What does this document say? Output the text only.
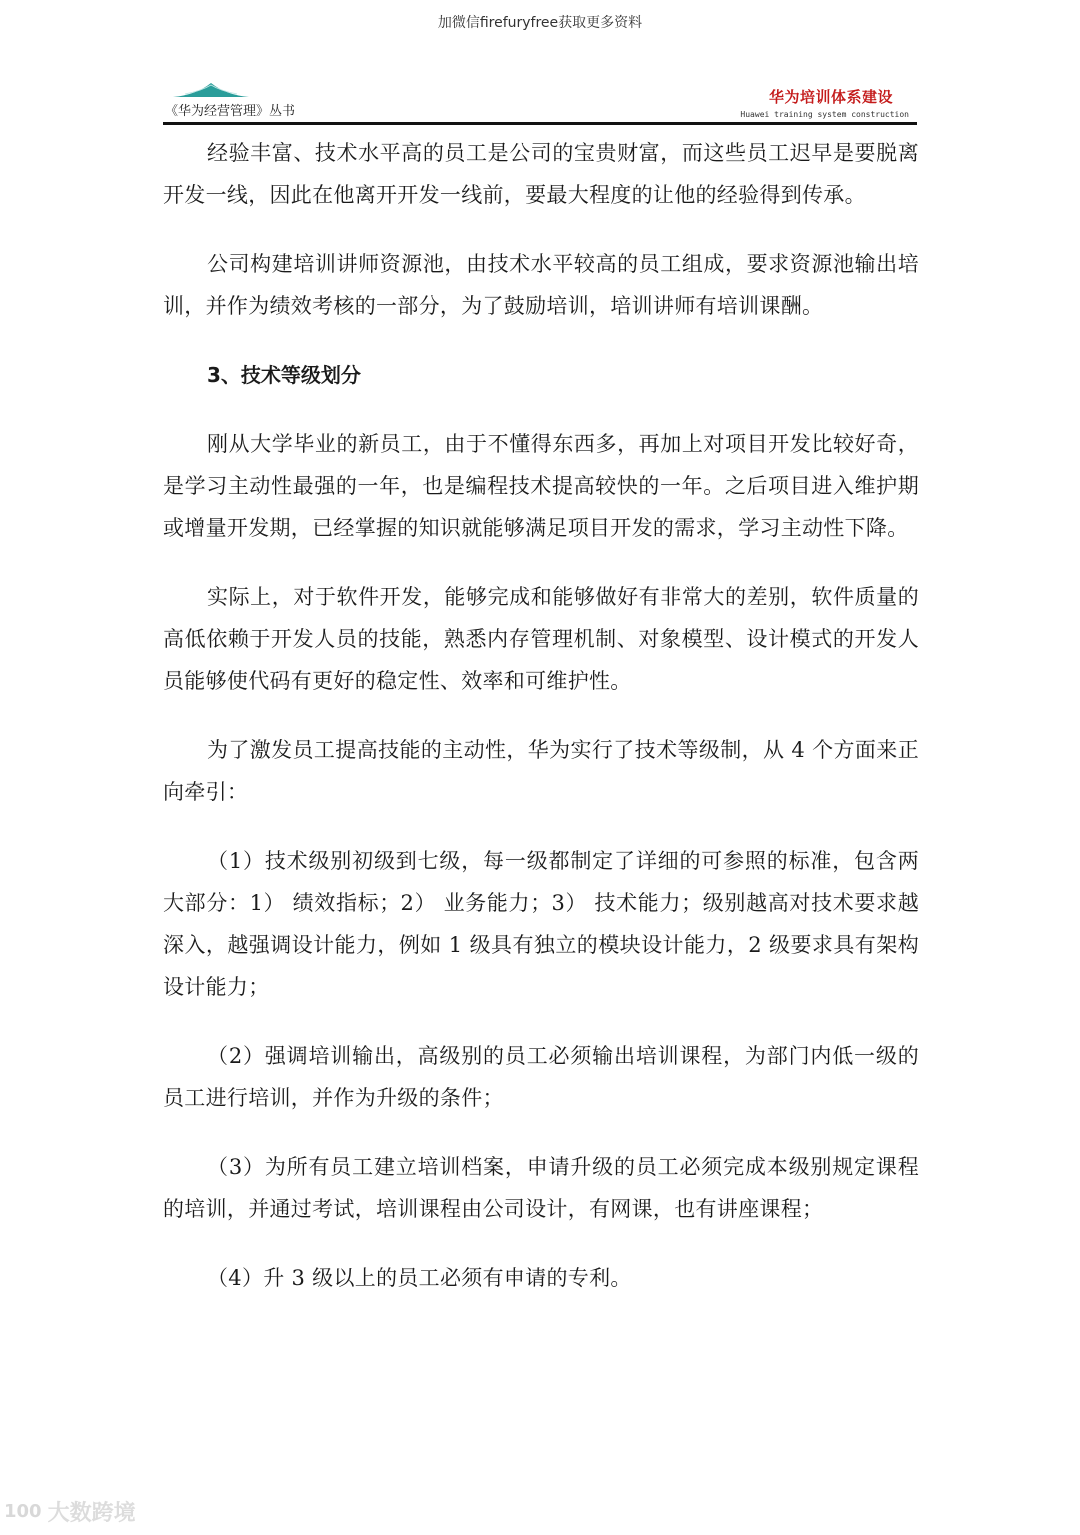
加微信firefuryfree获取更多资料
《华为经营管理》丛书
华为培训体系建设
Huawei training system construction

经验丰富、技术水平高的员工是公司的宝贵财富，而这些员工迟早是要脱离开发一线，因此在他离开开发一线前，要最大程度的让他的经验得到传承。

公司构建培训讲师资源池，由技术水平较高的员工组成，要求资源池输出培训，并作为绩效考核的一部分，为了鼓励培训，培训讲师有培训课酬。

3、技术等级划分

刚从大学毕业的新员工，由于不懂得东西多，再加上对项目开发比较好奇，是学习主动性最强的一年，也是编程技术提高较快的一年。之后项目进入维护期或增量开发期，已经掌握的知识就能够满足项目开发的需求，学习主动性下降。

实际上，对于软件开发，能够完成和能够做好有非常大的差别，软件质量的高低依赖于开发人员的技能，熟悉内存管理机制、对象模型、设计模式的开发人员能够使代码有更好的稳定性、效率和可维护性。

为了激发员工提高技能的主动性，华为实行了技术等级制，从 4 个方面来正向牵引：

（1）技术级别初级到七级，每一级都制定了详细的可参照的标准，包含两大部分：1） 绩效指标；2） 业务能力；3） 技术能力；级别越高对技术要求越深入，越强调设计能力，例如 1 级具有独立的模块设计能力，2 级要求具有架构设计能力；

（2）强调培训输出，高级别的员工必须输出培训课程，为部门内低一级的员工进行培训，并作为升级的条件；

（3）为所有员工建立培训档案，申请升级的员工必须完成本级别规定课程的培训，并通过考试，培训课程由公司设计，有网课，也有讲座课程；

（4）升 3 级以上的员工必须有申请的专利。

100 大数跨境
